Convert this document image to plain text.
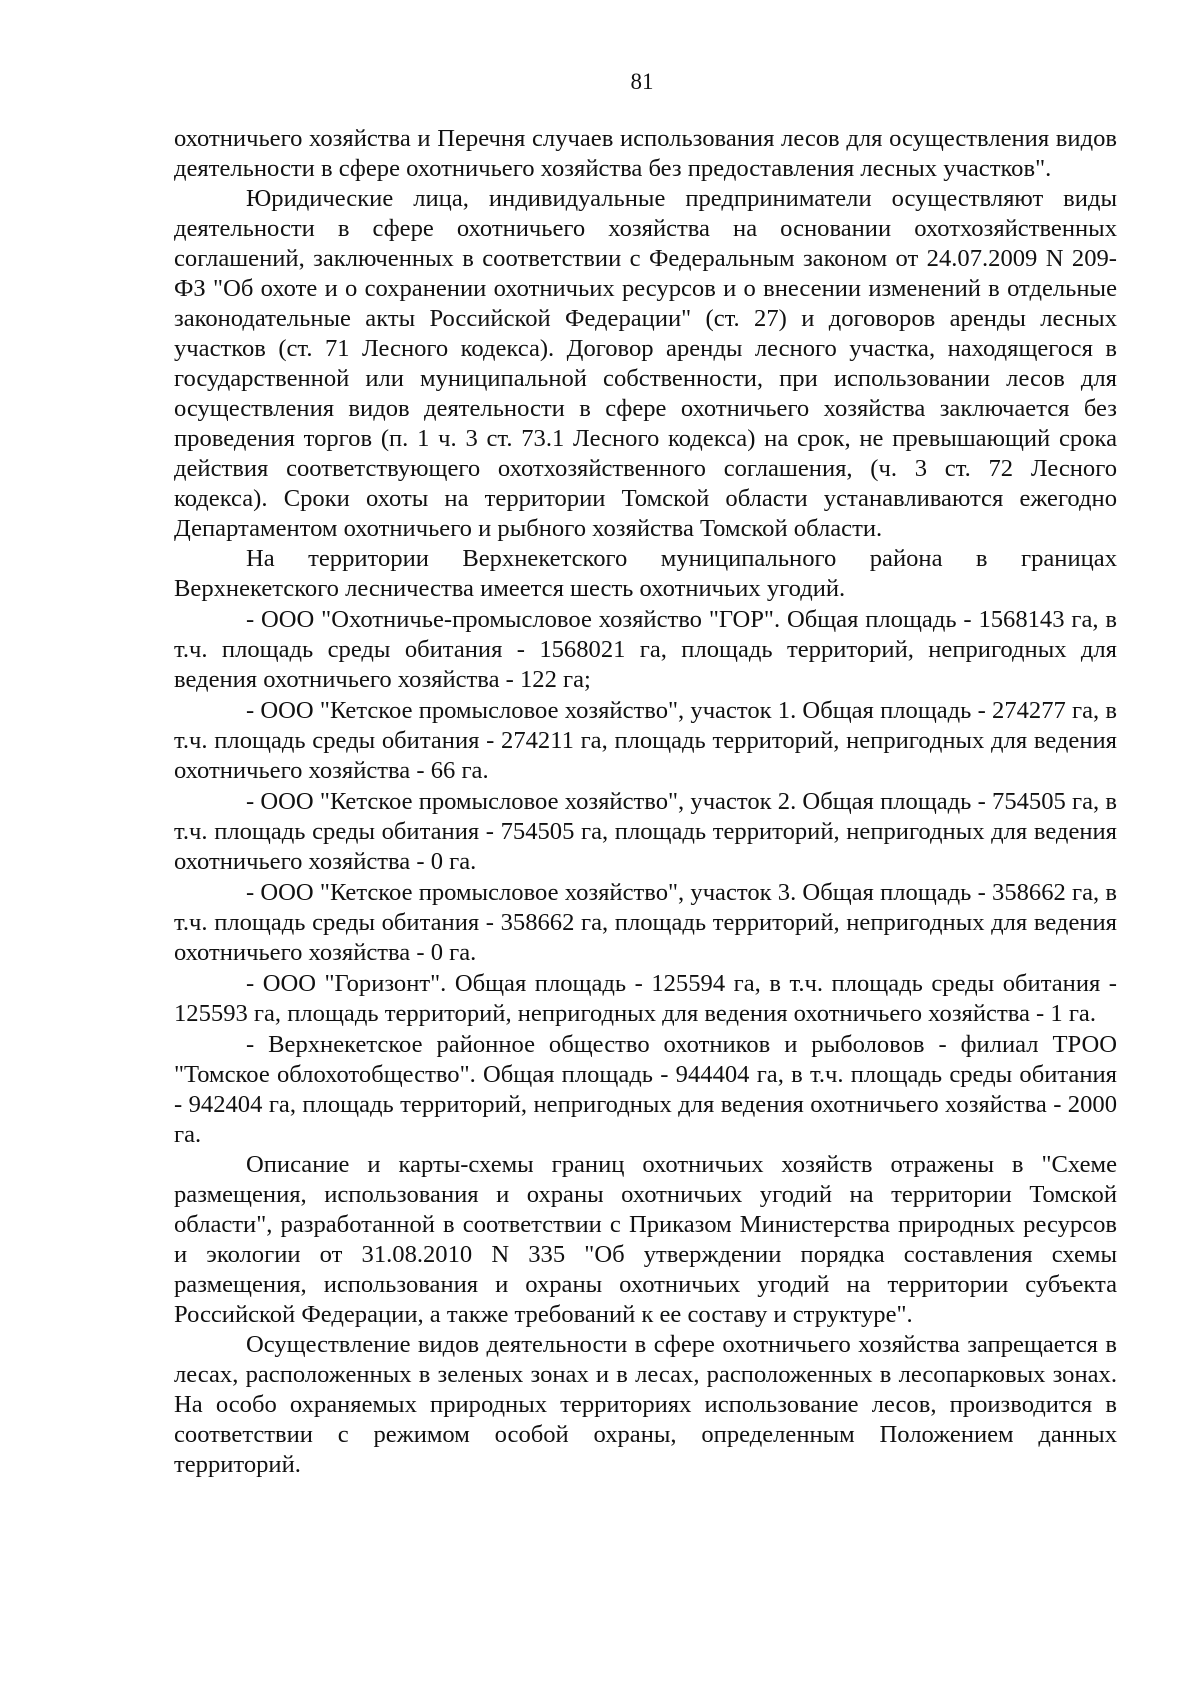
81

охотничьего хозяйства и Перечня случаев использования лесов для осуществления видов деятельности в сфере охотничьего хозяйства без предоставления лесных участков".

Юридические лица, индивидуальные предприниматели осуществляют виды деятельности в сфере охотничьего хозяйства на основании охотхозяйственных соглашений, заключенных в соответствии с Федеральным законом от 24.07.2009 N 209-ФЗ "Об охоте и о сохранении охотничьих ресурсов и о внесении изменений в отдельные законодательные акты Российской Федерации" (ст. 27) и договоров аренды лесных участков (ст. 71 Лесного кодекса). Договор аренды лесного участка, находящегося в государственной или муниципальной собственности, при использовании лесов для осуществления видов деятельности в сфере охотничьего хозяйства заключается без проведения торгов (п. 1 ч. 3 ст. 73.1 Лесного кодекса) на срок, не превышающий срока действия соответствующего охотхозяйственного соглашения, (ч. 3 ст. 72 Лесного кодекса). Сроки охоты на территории Томской области устанавливаются ежегодно Департаментом охотничьего и рыбного хозяйства Томской области.

На территории Верхнекетского муниципального района в границах Верхнекетского лесничества имеется шесть охотничьих угодий.

- ООО "Охотничье-промысловое хозяйство "ГОР". Общая площадь - 1568143 га, в т.ч. площадь среды обитания - 1568021 га, площадь территорий, непригодных для ведения охотничьего хозяйства - 122 га;

- ООО "Кетское промысловое хозяйство", участок 1. Общая площадь - 274277 га, в т.ч. площадь среды обитания - 274211 га, площадь территорий, непригодных для ведения охотничьего хозяйства - 66 га.

- ООО "Кетское промысловое хозяйство", участок 2. Общая площадь - 754505 га, в т.ч. площадь среды обитания - 754505 га, площадь территорий, непригодных для ведения охотничьего хозяйства - 0 га.

- ООО "Кетское промысловое хозяйство", участок 3. Общая площадь - 358662 га, в т.ч. площадь среды обитания - 358662 га, площадь территорий, непригодных для ведения охотничьего хозяйства - 0 га.

- ООО "Горизонт". Общая площадь - 125594 га, в т.ч. площадь среды обитания - 125593 га, площадь территорий, непригодных для ведения охотничьего хозяйства - 1 га.

- Верхнекетское районное общество охотников и рыболовов - филиал ТРОО "Томское облохотобщество". Общая площадь - 944404 га, в т.ч. площадь среды обитания - 942404 га, площадь территорий, непригодных для ведения охотничьего хозяйства - 2000 га.

Описание и карты-схемы границ охотничьих хозяйств отражены в "Схеме размещения, использования и охраны охотничьих угодий на территории Томской области", разработанной в соответствии с Приказом Министерства природных ресурсов и экологии от 31.08.2010 N 335 "Об утверждении порядка составления схемы размещения, использования и охраны охотничьих угодий на территории субъекта Российской Федерации, а также требований к ее составу и структуре".

Осуществление видов деятельности в сфере охотничьего хозяйства запрещается в лесах, расположенных в зеленых зонах и в лесах, расположенных в лесопарковых зонах. На особо охраняемых природных территориях использование лесов, производится в соответствии с режимом особой охраны, определенным Положением данных территорий.
